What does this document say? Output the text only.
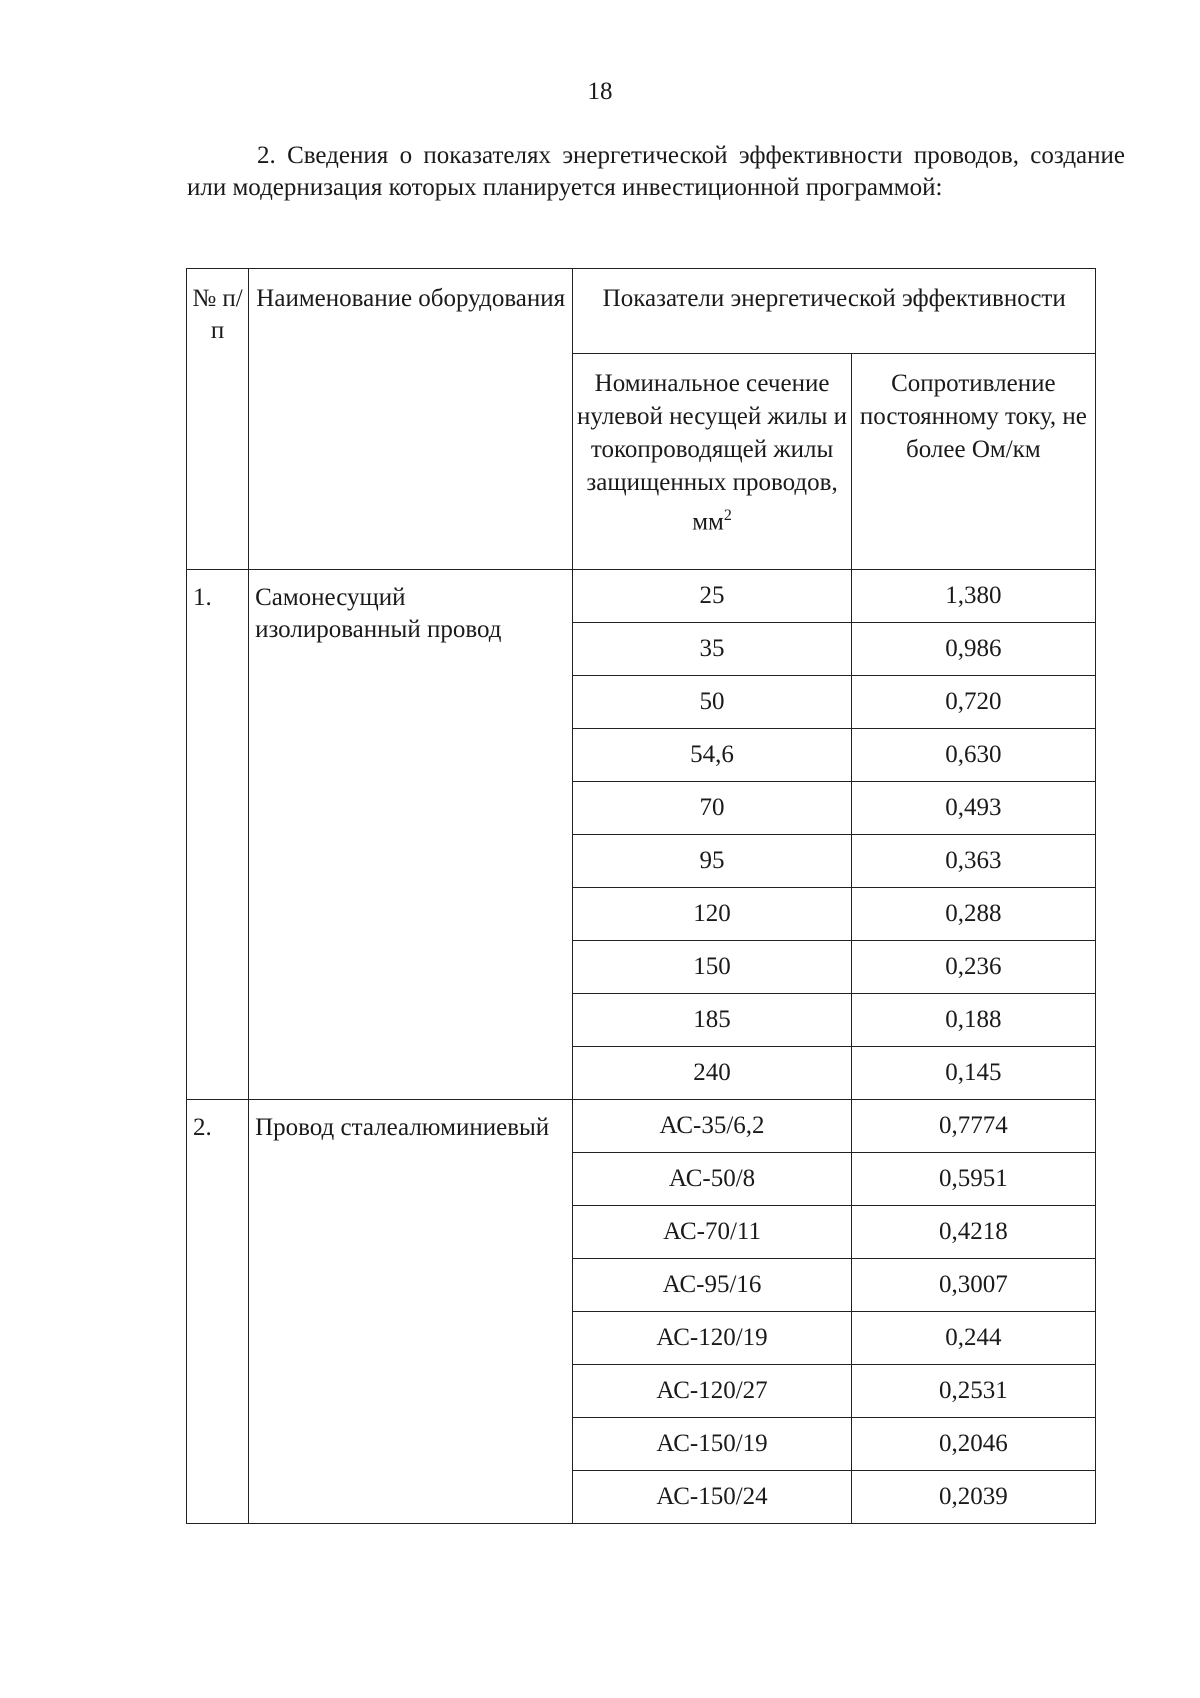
18

2. Сведения о показателях энергетической эффективности проводов, создание или модернизация которых планируется инвестиционной программой:

№ п/п	Наименование оборудования	Показатели энергетической эффективности	
		Номинальное сечение нулевой несущей жилы и токопроводящей жилы защищенных проводов, $мм^2$	Сопротивление постоянному току, не более Ом/км
1.	Самонесущий изолированный провод	25	1,380
		35	0,986
		50	0,720
		54,6	0,630
		70	0,493
		95	0,363
		120	0,288
		150	0,236
		185	0,188
		240	0,145
2.	Провод сталеалюминиевый	АС-35/6,2	0,7774
		АС-50/8	0,5951
		АС-70/11	0,4218
		АС-95/16	0,3007
		АС-120/19	0,244
		АС-120/27	0,2531
		АС-150/19	0,2046
		АС-150/24	0,2039
